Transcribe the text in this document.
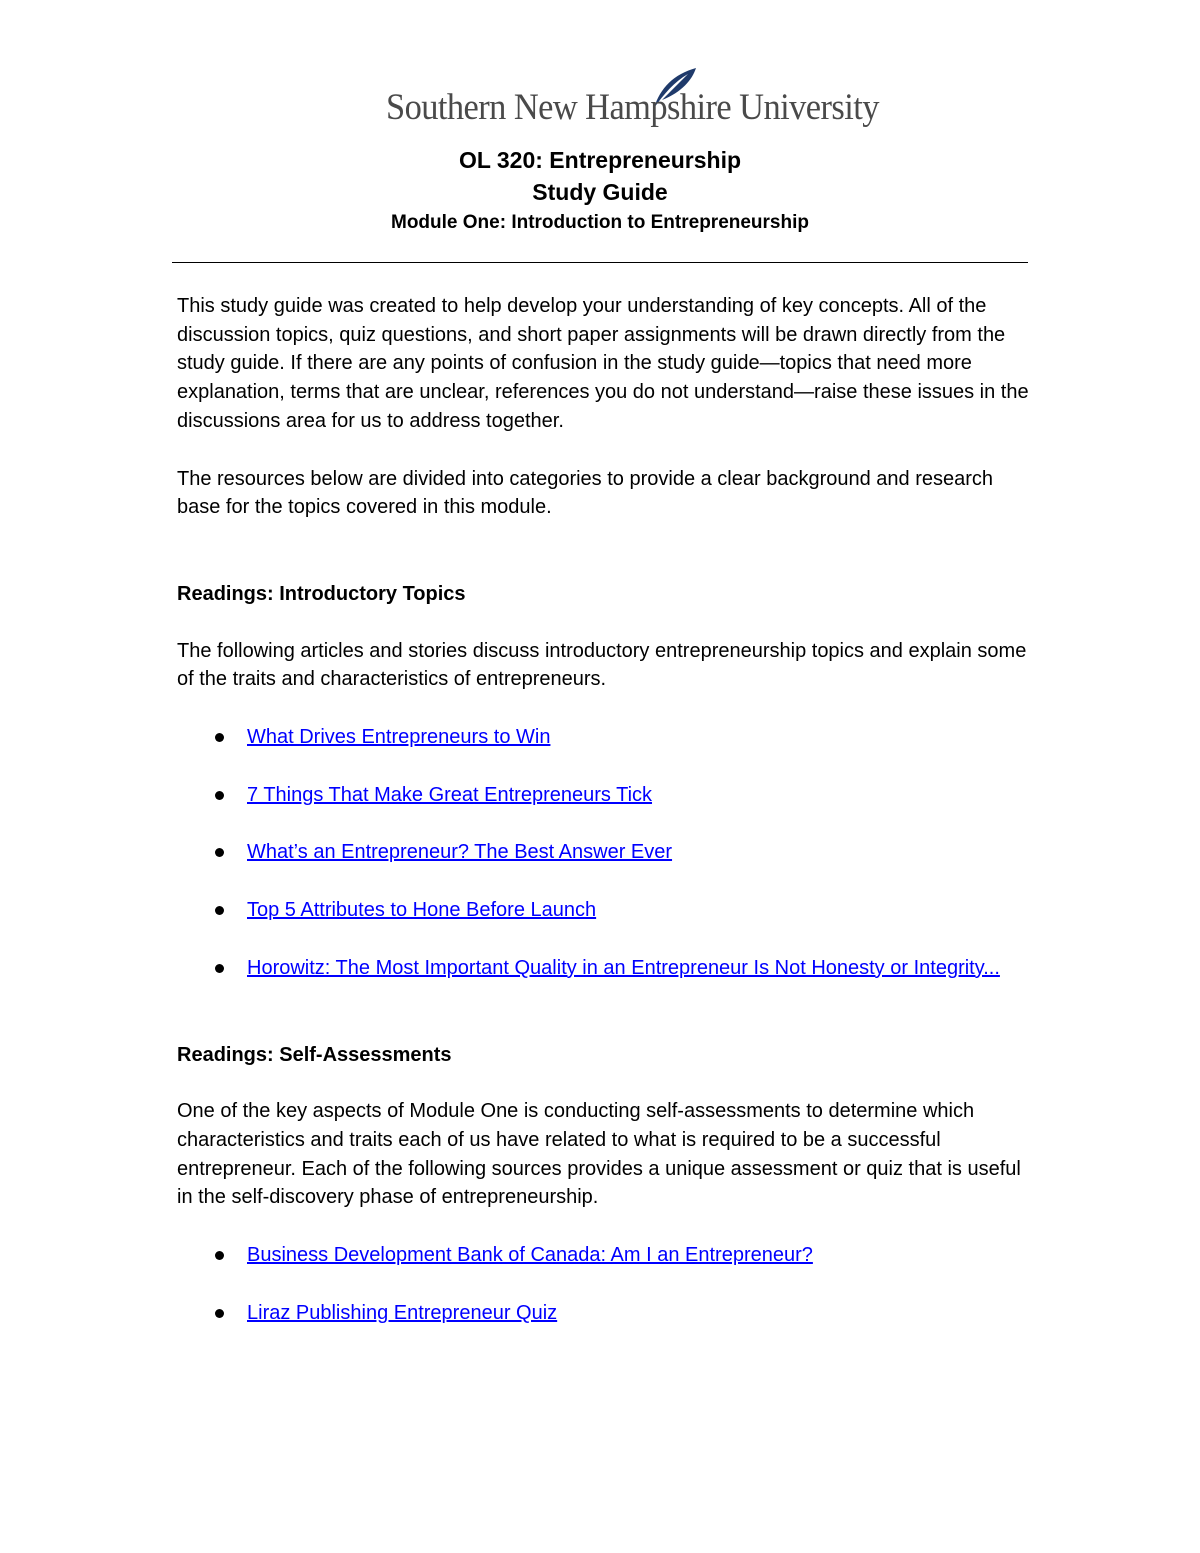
Southern New Hampshire University
OL 320: Entrepreneurship
Study Guide
Module One: Introduction to Entrepreneurship

This study guide was created to help develop your understanding of key concepts. All of the discussion topics, quiz questions, and short paper assignments will be drawn directly from the study guide. If there are any points of confusion in the study guide—topics that need more explanation, terms that are unclear, references you do not understand—raise these issues in the discussions area for us to address together.

The resources below are divided into categories to provide a clear background and research base for the topics covered in this module.

Readings: Introductory Topics

The following articles and stories discuss introductory entrepreneurship topics and explain some of the traits and characteristics of entrepreneurs.

What Drives Entrepreneurs to Win
7 Things That Make Great Entrepreneurs Tick
What’s an Entrepreneur? The Best Answer Ever
Top 5 Attributes to Hone Before Launch
Horowitz: The Most Important Quality in an Entrepreneur Is Not Honesty or Integrity...

Readings: Self-Assessments

One of the key aspects of Module One is conducting self-assessments to determine which characteristics and traits each of us have related to what is required to be a successful entrepreneur. Each of the following sources provides a unique assessment or quiz that is useful in the self-discovery phase of entrepreneurship.

Business Development Bank of Canada: Am I an Entrepreneur?
Liraz Publishing Entrepreneur Quiz
